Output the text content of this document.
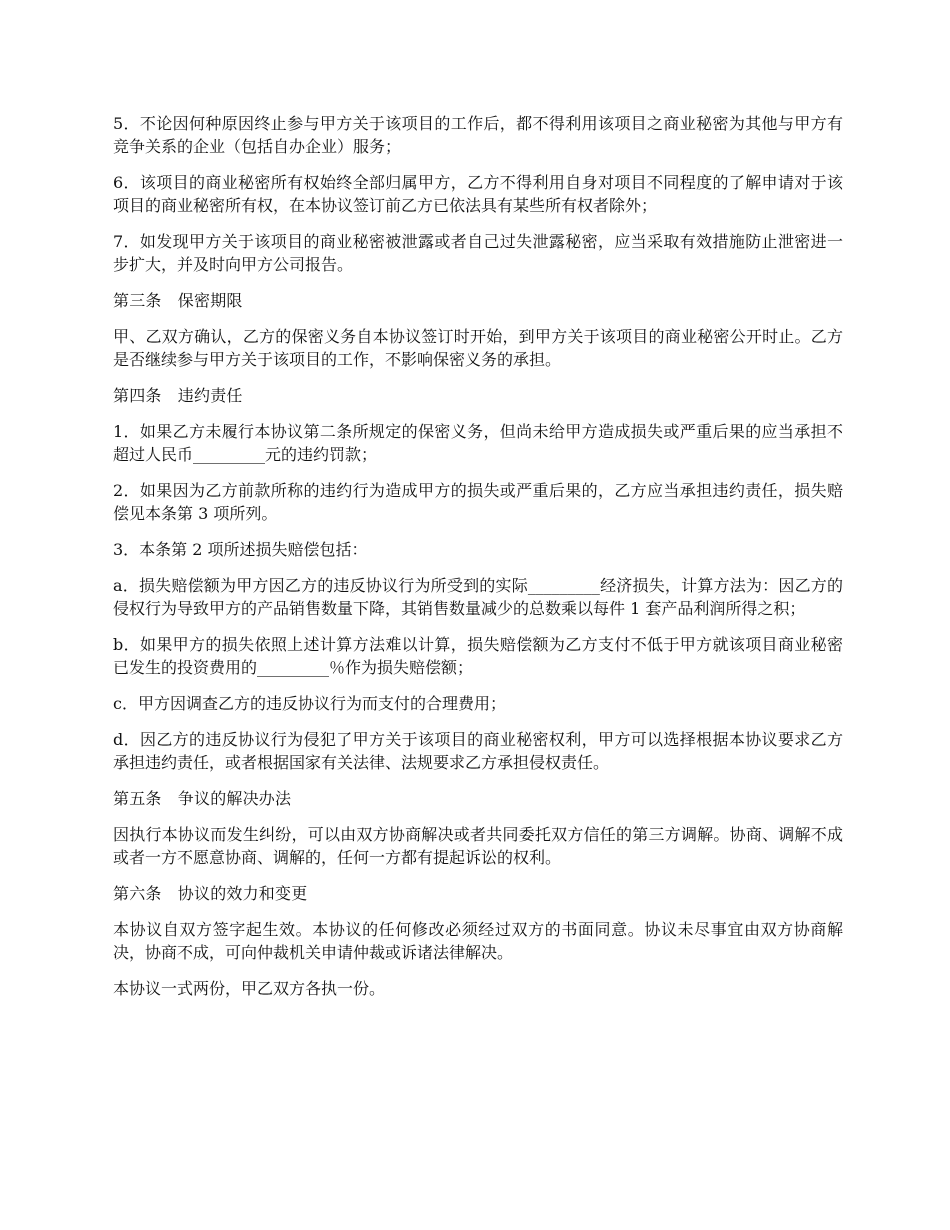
5．不论因何种原因终止参与甲方关于该项目的工作后，都不得利用该项目之商业秘密为其他与甲方有竞争关系的企业（包括自办企业）服务；

6．该项目的商业秘密所有权始终全部归属甲方，乙方不得利用自身对项目不同程度的了解申请对于该项目的商业秘密所有权，在本协议签订前乙方已依法具有某些所有权者除外；

7．如发现甲方关于该项目的商业秘密被泄露或者自己过失泄露秘密，应当采取有效措施防止泄密进一步扩大，并及时向甲方公司报告。

第三条　保密期限

甲、乙双方确认，乙方的保密义务自本协议签订时开始，到甲方关于该项目的商业秘密公开时止。乙方是否继续参与甲方关于该项目的工作，不影响保密义务的承担。

第四条　违约责任

1．如果乙方未履行本协议第二条所规定的保密义务，但尚未给甲方造成损失或严重后果的应当承担不超过人民币_________元的违约罚款；

2．如果因为乙方前款所称的违约行为造成甲方的损失或严重后果的，乙方应当承担违约责任，损失赔偿见本条第 3 项所列。

3．本条第 2 项所述损失赔偿包括：

a．损失赔偿额为甲方因乙方的违反协议行为所受到的实际_________经济损失，计算方法为：因乙方的侵权行为导致甲方的产品销售数量下降，其销售数量减少的总数乘以每件 1 套产品利润所得之积；

b．如果甲方的损失依照上述计算方法难以计算，损失赔偿额为乙方支付不低于甲方就该项目商业秘密已发生的投资费用的_________％作为损失赔偿额；

c．甲方因调查乙方的违反协议行为而支付的合理费用；

d．因乙方的违反协议行为侵犯了甲方关于该项目的商业秘密权利，甲方可以选择根据本协议要求乙方承担违约责任，或者根据国家有关法律、法规要求乙方承担侵权责任。

第五条　争议的解决办法

因执行本协议而发生纠纷，可以由双方协商解决或者共同委托双方信任的第三方调解。协商、调解不成或者一方不愿意协商、调解的，任何一方都有提起诉讼的权利。

第六条　协议的效力和变更

本协议自双方签字起生效。本协议的任何修改必须经过双方的书面同意。协议未尽事宜由双方协商解决，协商不成，可向仲裁机关申请仲裁或诉诸法律解决。

本协议一式两份，甲乙双方各执一份。
